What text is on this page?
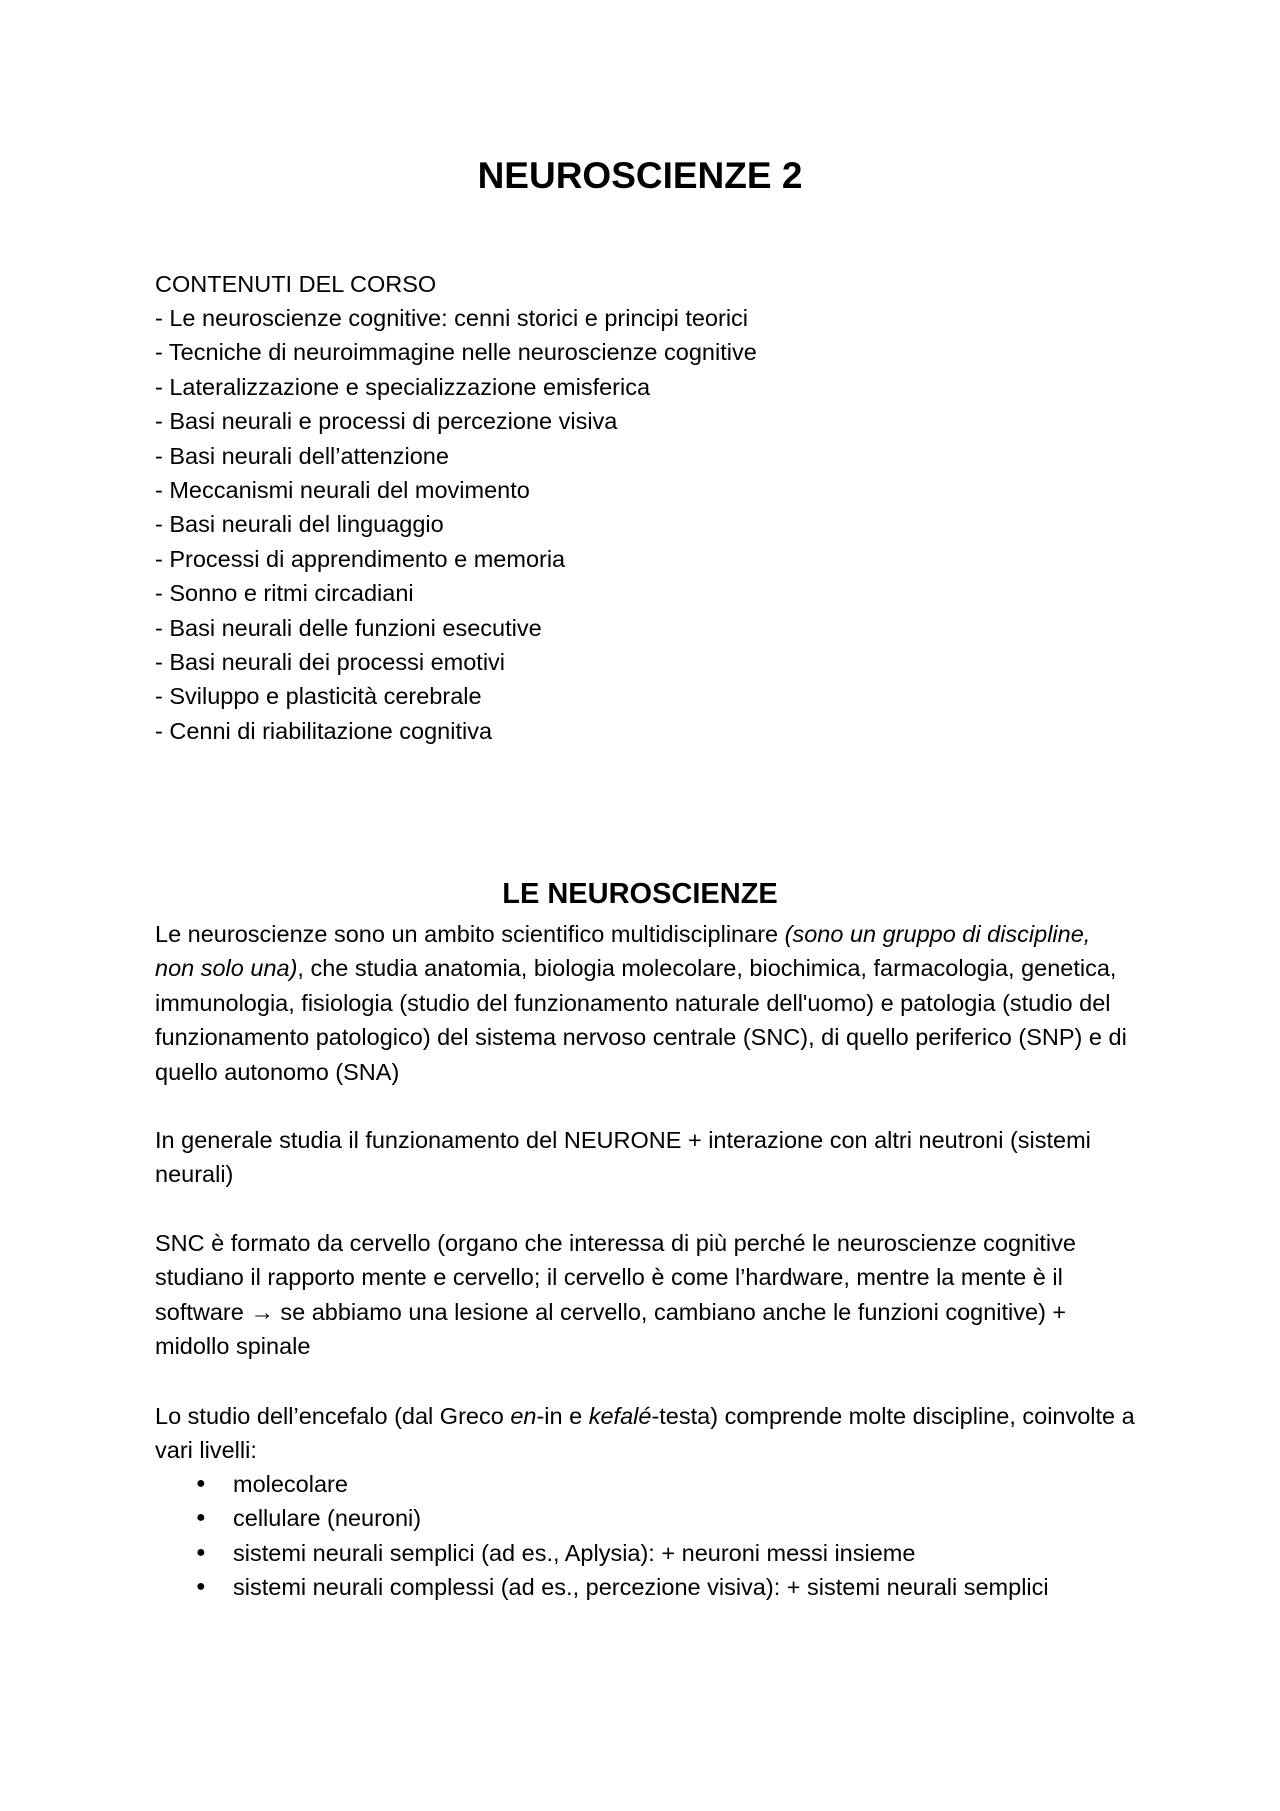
NEUROSCIENZE 2

CONTENUTI DEL CORSO

- Le neuroscienze cognitive: cenni storici e principi teorici
- Tecniche di neuroimmagine nelle neuroscienze cognitive
- Lateralizzazione e specializzazione emisferica
- Basi neurali e processi di percezione visiva
- Basi neurali dell’attenzione
- Meccanismi neurali del movimento
- Basi neurali del linguaggio
- Processi di apprendimento e memoria
- Sonno e ritmi circadiani
- Basi neurali delle funzioni esecutive
- Basi neurali dei processi emotivi
- Sviluppo e plasticità cerebrale
- Cenni di riabilitazione cognitiva
LE NEUROSCIENZE

Le neuroscienze sono un ambito scientifico multidisciplinare (sono un gruppo di discipline, non solo una), che studia anatomia, biologia molecolare, biochimica, farmacologia, genetica, immunologia, fisiologia (studio del funzionamento naturale dell'uomo) e patologia (studio del funzionamento patologico) del sistema nervoso centrale (SNC), di quello periferico (SNP) e di quello autonomo (SNA)

In generale studia il funzionamento del NEURONE + interazione con altri neutroni (sistemi neurali)

SNC è formato da cervello (organo che interessa di più perché le neuroscienze cognitive studiano il rapporto mente e cervello; il cervello è come l’hardware, mentre la mente è il software → se abbiamo una lesione al cervello, cambiano anche le funzioni cognitive) + midollo spinale

Lo studio dell’encefalo (dal Greco en-in e kefalé-testa) comprende molte discipline, coinvolte a vari livelli:

● molecolare
● cellulare (neuroni)
● sistemi neurali semplici (ad es., Aplysia): + neuroni messi insieme
● sistemi neurali complessi (ad es., percezione visiva): + sistemi neurali semplici
